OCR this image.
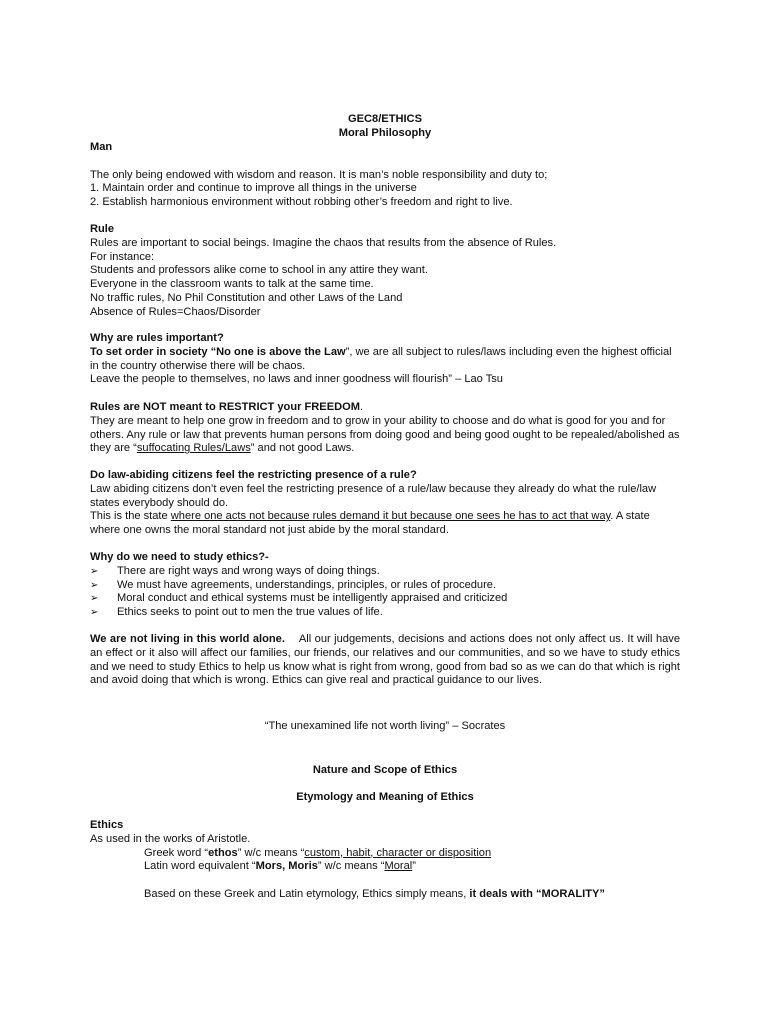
GEC8/ETHICS
Moral Philosophy
Man

The only being endowed with wisdom and reason. It is man’s noble responsibility and duty to;
1. Maintain order and continue to improve all things in the universe
2. Establish harmonious environment without robbing other’s freedom and right to live.
Rule
Rules are important to social beings. Imagine the chaos that results from the absence of Rules.
For instance:
Students and professors alike come to school in any attire they want.
Everyone in the classroom wants to talk at the same time.
No traffic rules, No Phil Constitution and other Laws of the Land
Absence of Rules=Chaos/Disorder
Why are rules important?
To set order in society “No one is above the Law”, we are all subject to rules/laws including even the highest official in the country otherwise there will be chaos.
Leave the people to themselves, no laws and inner goodness will flourish” – Lao Tsu
Rules are NOT meant to RESTRICT your FREEDOM.
They are meant to help one grow in freedom and to grow in your ability to choose and do what is good for you and for others. Any rule or law that prevents human persons from doing good and being good ought to be repealed/abolished as they are “suffocating Rules/Laws” and not good Laws.
Do law-abiding citizens feel the restricting presence of a rule?
Law abiding citizens don’t even feel the restricting presence of a rule/law because they already do what the rule/law states everybody should do.
This is the state where one acts not because rules demand it but because one sees he has to act that way. A state where one owns the moral standard not just abide by the moral standard.
Why do we need to study ethics?-
➢ There are right ways and wrong ways of doing things.
➢ We must have agreements, understandings, principles, or rules of procedure.
➢ Moral conduct and ethical systems must be intelligently appraised and criticized
➢ Ethics seeks to point out to men the true values of life.
We are not living in this world alone. All our judgements, decisions and actions does not only affect us. It will have an effect or it also will affect our families, our friends, our relatives and our communities, and so we have to study ethics and we need to study Ethics to help us know what is right from wrong, good from bad so as we can do that which is right and avoid doing that which is wrong. Ethics can give real and practical guidance to our lives.
“The unexamined life not worth living” – Socrates
Nature and Scope of Ethics
Etymology and Meaning of Ethics
Ethics
As used in the works of Aristotle.
Greek word “ethos” w/c means “custom, habit, character or disposition
Latin word equivalent “Mors, Moris” w/c means “Moral”

Based on these Greek and Latin etymology, Ethics simply means, it deals with “MORALITY”
